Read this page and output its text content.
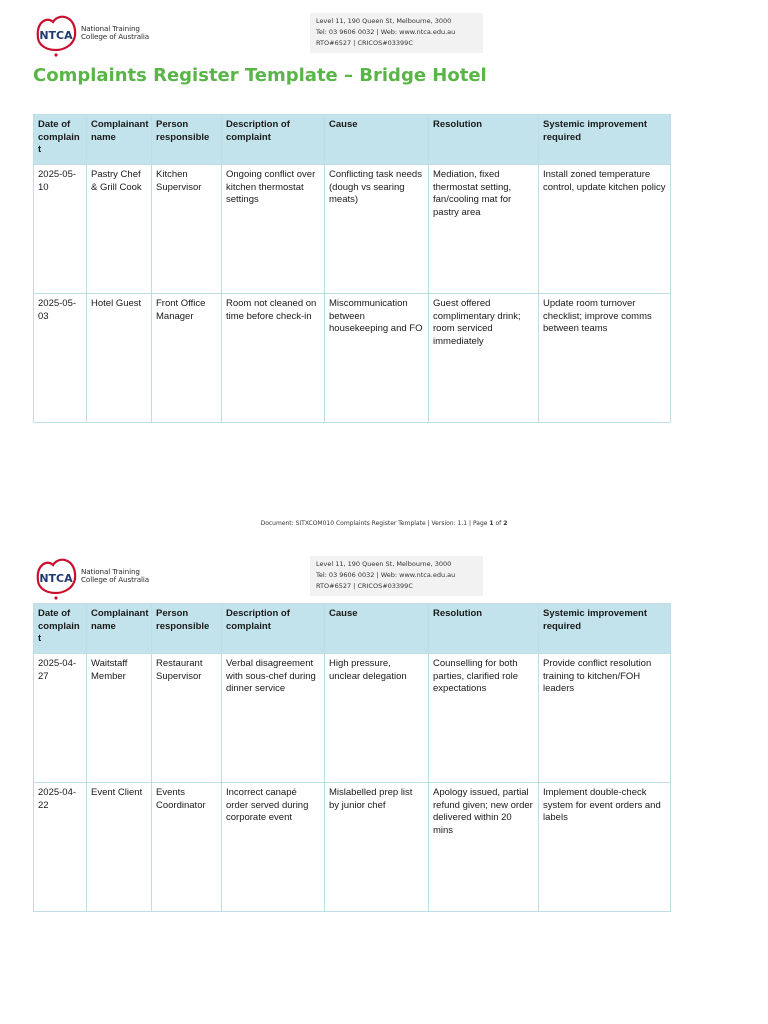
NTCA
National Training
College of Australia
Level 11, 190 Queen St, Melbourne, 3000
Tel: 03 9606 0032 | Web: www.ntca.edu.au
RTO#6527 | CRICOS#03399C
Complaints Register Template – Bridge Hotel
Date of complain t	Complainant name	Person responsible	Description of complaint	Cause	Resolution	Systemic improvement required
2025-05-10	Pastry Chef & Grill Cook	Kitchen Supervisor	Ongoing conflict over kitchen thermostat settings	Conflicting task needs (dough vs searing meats)	Mediation, fixed thermostat setting, fan/cooling mat for pastry area	Install zoned temperature control, update kitchen policy
2025-05-03	Hotel Guest	Front Office Manager	Room not cleaned on time before check-in	Miscommunication between housekeeping and FO	Guest offered complimentary drink; room serviced immediately	Update room turnover checklist; improve comms between teams
Document: SITXCOM010 Complaints Register Template | Version: 1.1 | Page 1 of 2
NTCA
National Training
College of Australia
Level 11, 190 Queen St, Melbourne, 3000
Tel: 03 9606 0032 | Web: www.ntca.edu.au
RTO#6527 | CRICOS#03399C
Date of complain t	Complainant name	Person responsible	Description of complaint	Cause	Resolution	Systemic improvement required
2025-04-27	Waitstaff Member	Restaurant Supervisor	Verbal disagreement with sous-chef during dinner service	High pressure, unclear delegation	Counselling for both parties, clarified role expectations	Provide conflict resolution training to kitchen/FOH leaders
2025-04-22	Event Client	Events Coordinator	Incorrect canapé order served during corporate event	Mislabelled prep list by junior chef	Apology issued, partial refund given; new order delivered within 20 mins	Implement double-check system for event orders and labels
